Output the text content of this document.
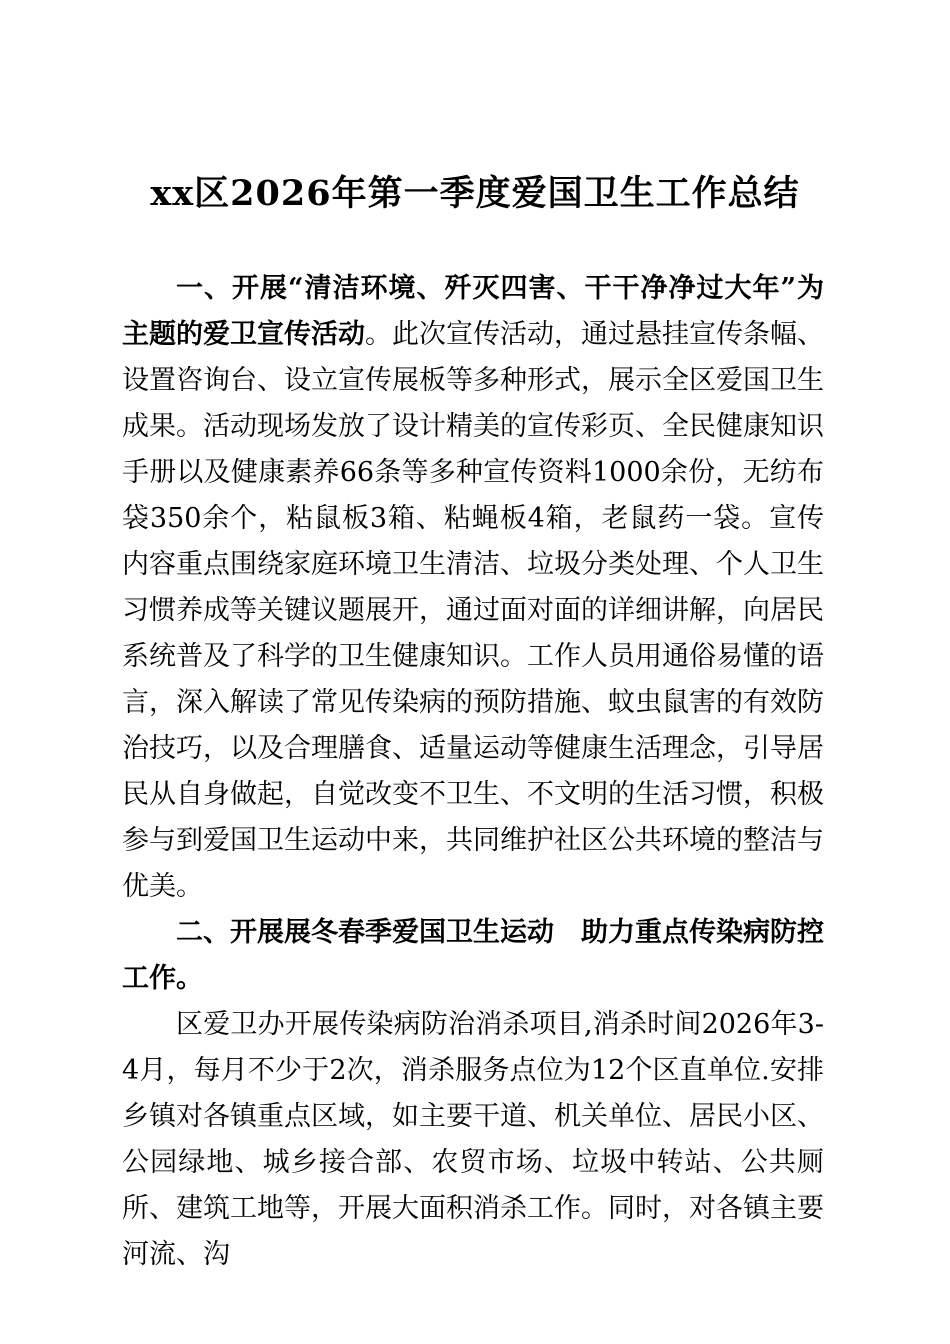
xx区2026年第一季度爱国卫生工作总结

一、开展“清洁环境、歼灭四害、干干净净过大年”为主题的爱卫宣传活动。此次宣传活动，通过悬挂宣传条幅、设置咨询台、设立宣传展板等多种形式，展示全区爱国卫生成果。活动现场发放了设计精美的宣传彩页、全民健康知识手册以及健康素养66条等多种宣传资料1000余份，无纺布袋350余个，粘鼠板3箱、粘蝇板4箱，老鼠药一袋。宣传内容重点围绕家庭环境卫生清洁、垃圾分类处理、个人卫生习惯养成等关键议题展开，通过面对面的详细讲解，向居民系统普及了科学的卫生健康知识。工作人员用通俗易懂的语言，深入解读了常见传染病的预防措施、蚊虫鼠害的有效防治技巧，以及合理膳食、适量运动等健康生活理念，引导居民从自身做起，自觉改变不卫生、不文明的生活习惯，积极参与到爱国卫生运动中来，共同维护社区公共环境的整洁与优美。

二、开展展冬春季爱国卫生运动　助力重点传染病防控工作。

区爱卫办开展传染病防治消杀项目,消杀时间2026年3-4月，每月不少于2次，消杀服务点位为12个区直单位.安排乡镇对各镇重点区域，如主要干道、机关单位、居民小区、公园绿地、城乡接合部、农贸市场、垃圾中转站、公共厕所、建筑工地等，开展大面积消杀工作。同时，对各镇主要河流、沟
